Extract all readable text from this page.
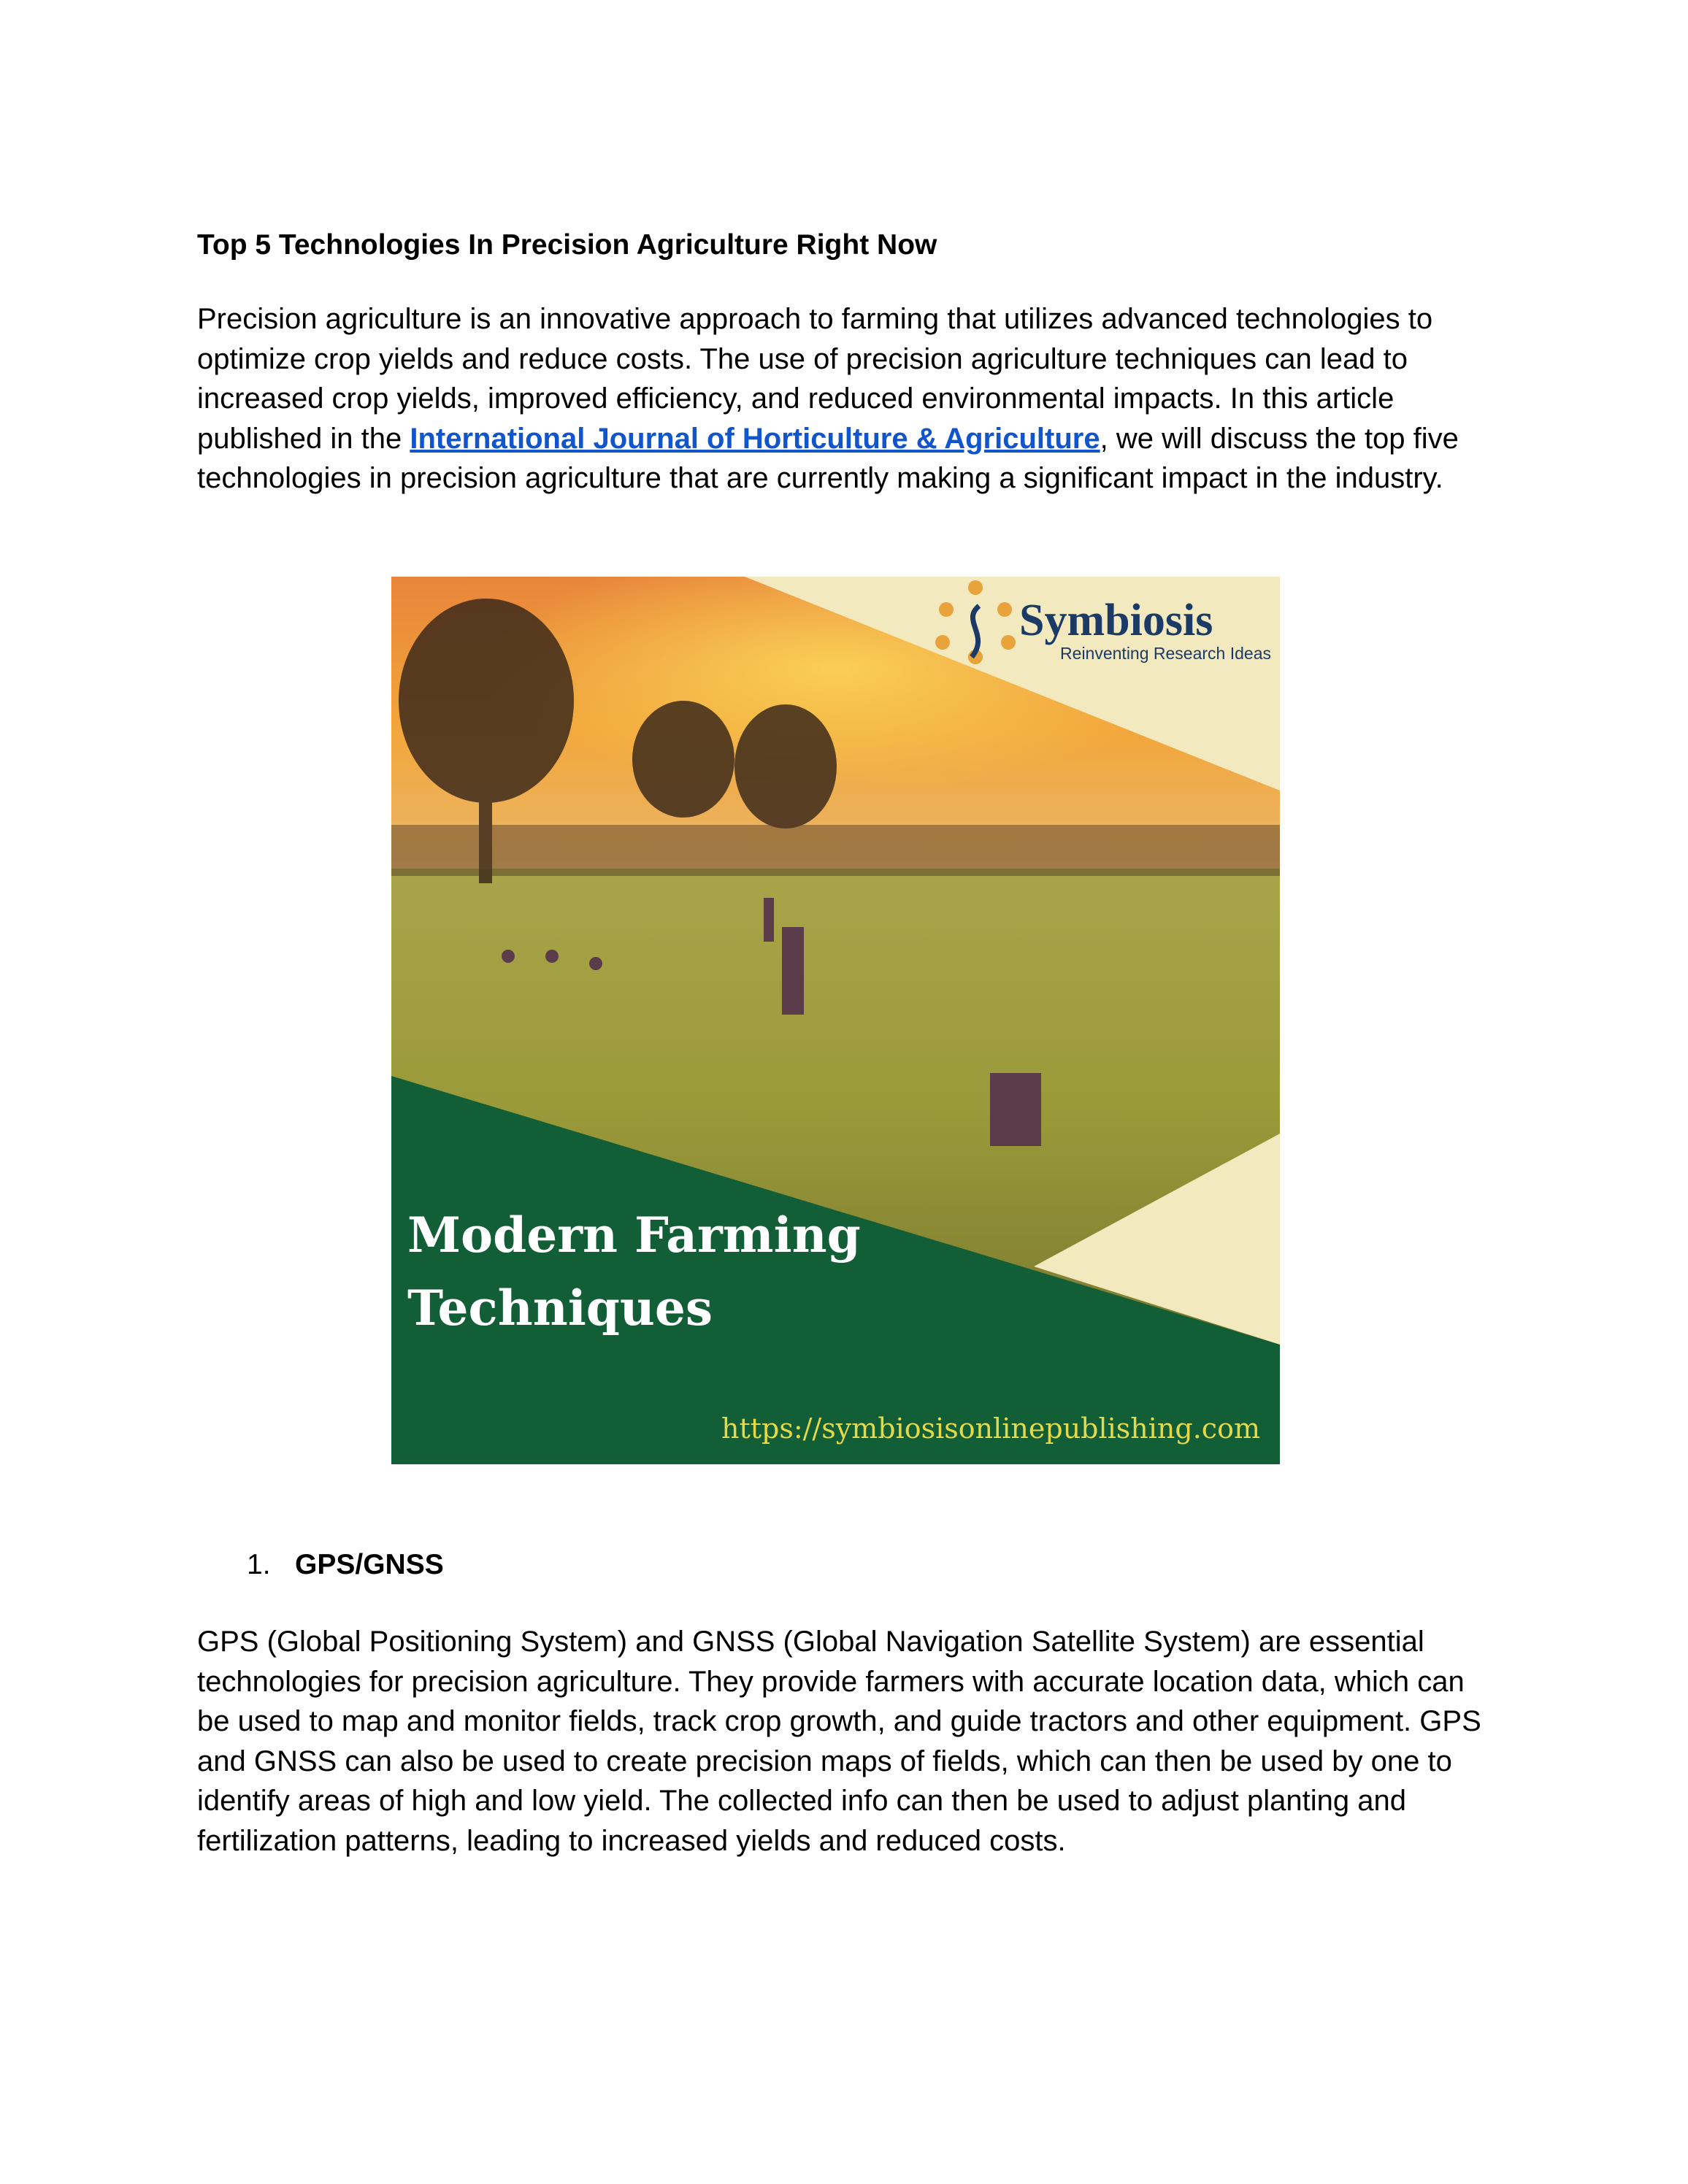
Top 5 Technologies In Precision Agriculture Right Now
Precision agriculture is an innovative approach to farming that utilizes advanced technologies to optimize crop yields and reduce costs. The use of precision agriculture techniques can lead to increased crop yields, improved efficiency, and reduced environmental impacts. In this article published in the International Journal of Horticulture & Agriculture, we will discuss the top five technologies in precision agriculture that are currently making a significant impact in the industry.
Symbiosis
Reinventing Research Ideas
Modern Farming
Techniques
https://symbiosisonlinepublishing.com
1. GPS/GNSS
GPS (Global Positioning System) and GNSS (Global Navigation Satellite System) are essential technologies for precision agriculture. They provide farmers with accurate location data, which can be used to map and monitor fields, track crop growth, and guide tractors and other equipment. GPS and GNSS can also be used to create precision maps of fields, which can then be used by one to identify areas of high and low yield. The collected info can then be used to adjust planting and fertilization patterns, leading to increased yields and reduced costs.
